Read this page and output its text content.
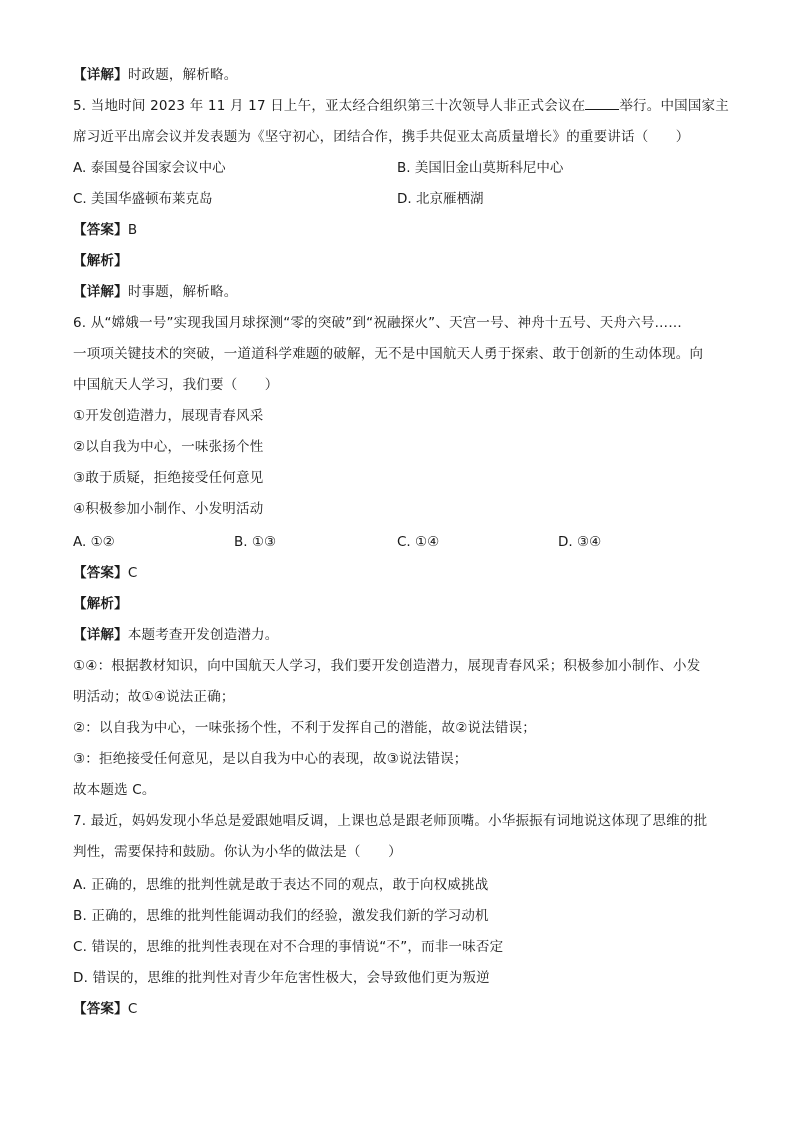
【详解】时政题，解析略。
5. 当地时间 2023 年 11 月 17 日上午，亚太经合组织第三十次领导人非正式会议在	举行。中国国家主
席习近平出席会议并发表题为《坚守初心，团结合作，携手共促亚太高质量增长》的重要讲话（　　）
A. 泰国曼谷国家会议中心	B. 美国旧金山莫斯科尼中心
C. 美国华盛顿布莱克岛	D. 北京雁栖湖
【答案】B
【解析】
【详解】时事题，解析略。
6. 从“嫦娥一号”实现我国月球探测“零的突破”到“祝融探火”、天宫一号、神舟十五号、天舟六号……
一项项关键技术的突破，一道道科学难题的破解，无不是中国航天人勇于探索、敢于创新的生动体现。向
中国航天人学习，我们要（　　）
①开发创造潜力，展现青春风采
②以自我为中心，一味张扬个性
③敢于质疑，拒绝接受任何意见
④积极参加小制作、小发明活动
A. ①②	B. ①③	C. ①④	D. ③④
【答案】C
【解析】
【详解】本题考查开发创造潜力。
①④：根据教材知识，向中国航天人学习，我们要开发创造潜力，展现青春风采；积极参加小制作、小发
明活动；故①④说法正确；
②：以自我为中心，一味张扬个性，不利于发挥自己的潜能，故②说法错误；
③：拒绝接受任何意见，是以自我为中心的表现，故③说法错误；
故本题选 C。
7. 最近，妈妈发现小华总是爱跟她唱反调，上课也总是跟老师顶嘴。小华振振有词地说这体现了思维的批
判性，需要保持和鼓励。你认为小华的做法是（　　）
A. 正确的，思维的批判性就是敢于表达不同的观点，敢于向权威挑战
B. 正确的，思维的批判性能调动我们的经验，激发我们新的学习动机
C. 错误的，思维的批判性表现在对不合理的事情说“不”，而非一味否定
D. 错误的，思维的批判性对青少年危害性极大，会导致他们更为叛逆
【答案】C
